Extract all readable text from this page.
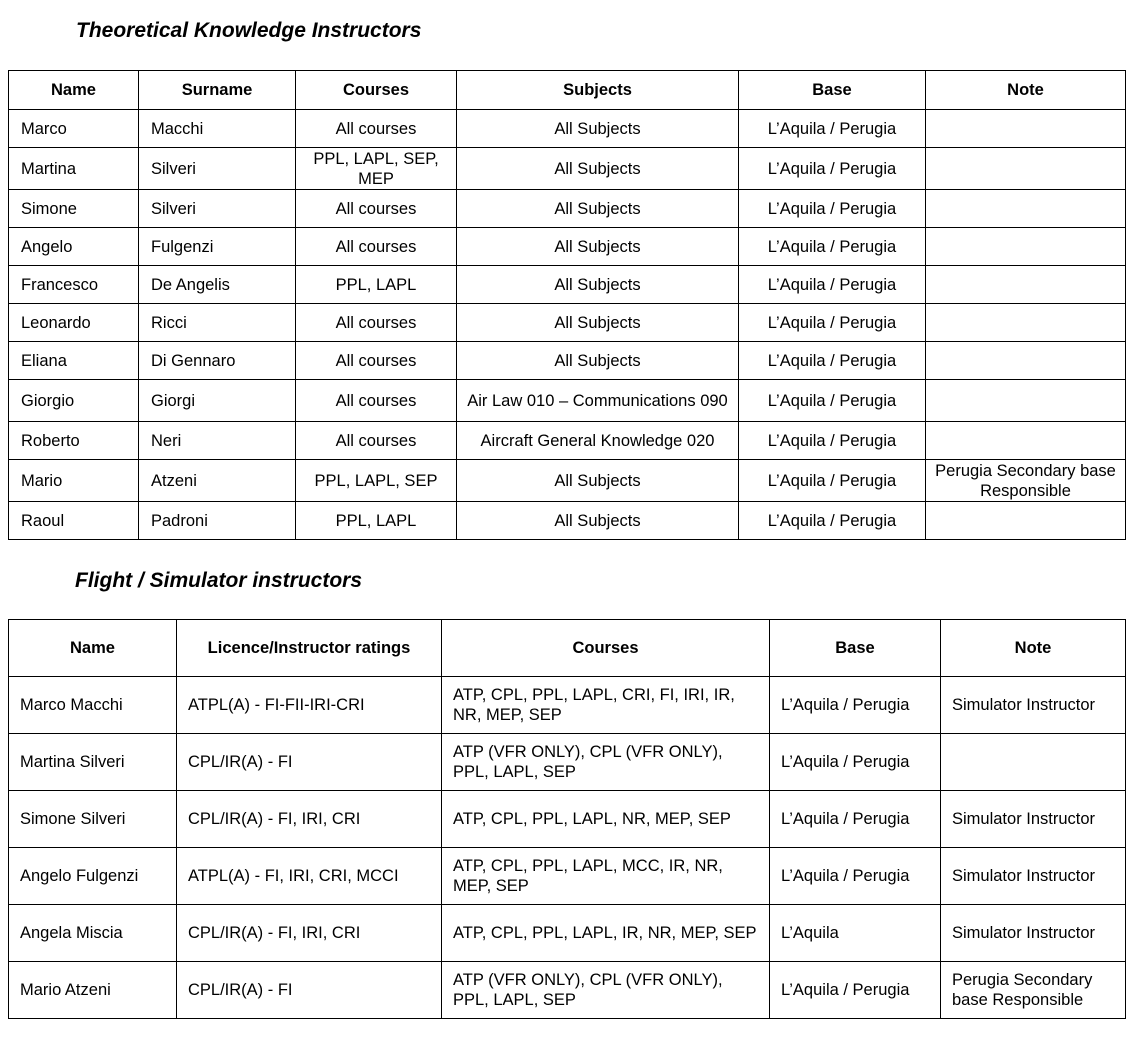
Theoretical Knowledge Instructors
Name	Surname	Courses	Subjects	Base	Note
Marco	Macchi	All courses	All Subjects	L’Aquila / Perugia	
Martina	Silveri	PPL, LAPL, SEP, MEP	All Subjects	L’Aquila / Perugia	
Simone	Silveri	All courses	All Subjects	L’Aquila / Perugia	
Angelo	Fulgenzi	All courses	All Subjects	L’Aquila / Perugia	
Francesco	De Angelis	PPL, LAPL	All Subjects	L’Aquila / Perugia	
Leonardo	Ricci	All courses	All Subjects	L’Aquila / Perugia	
Eliana	Di Gennaro	All courses	All Subjects	L’Aquila / Perugia	
Giorgio	Giorgi	All courses	Air Law 010 – Communications 090	L’Aquila / Perugia	
Roberto	Neri	All courses	Aircraft General Knowledge 020	L’Aquila / Perugia	
Mario	Atzeni	PPL, LAPL, SEP	All Subjects	L’Aquila / Perugia	Perugia Secondary base Responsible
Raoul	Padroni	PPL, LAPL	All Subjects	L’Aquila / Perugia	
Flight / Simulator instructors
Name	Licence/Instructor ratings	Courses	Base	Note
Marco Macchi	ATPL(A) - FI-FII-IRI-CRI	ATP, CPL, PPL, LAPL, CRI, FI, IRI, IR, NR, MEP, SEP	L’Aquila / Perugia	Simulator Instructor
Martina Silveri	CPL/IR(A) - FI	ATP (VFR ONLY), CPL (VFR ONLY), PPL, LAPL, SEP	L’Aquila / Perugia	
Simone Silveri	CPL/IR(A) - FI, IRI, CRI	ATP, CPL, PPL, LAPL, NR, MEP, SEP	L’Aquila / Perugia	Simulator Instructor
Angelo Fulgenzi	ATPL(A) - FI, IRI, CRI, MCCI	ATP, CPL, PPL, LAPL, MCC, IR, NR, MEP, SEP	L’Aquila / Perugia	Simulator Instructor
Angela Miscia	CPL/IR(A) - FI, IRI, CRI	ATP, CPL, PPL, LAPL, IR, NR, MEP, SEP	L’Aquila	Simulator Instructor
Mario Atzeni	CPL/IR(A) - FI	ATP (VFR ONLY), CPL (VFR ONLY), PPL, LAPL, SEP	L’Aquila / Perugia	Perugia Secondary base Responsible
